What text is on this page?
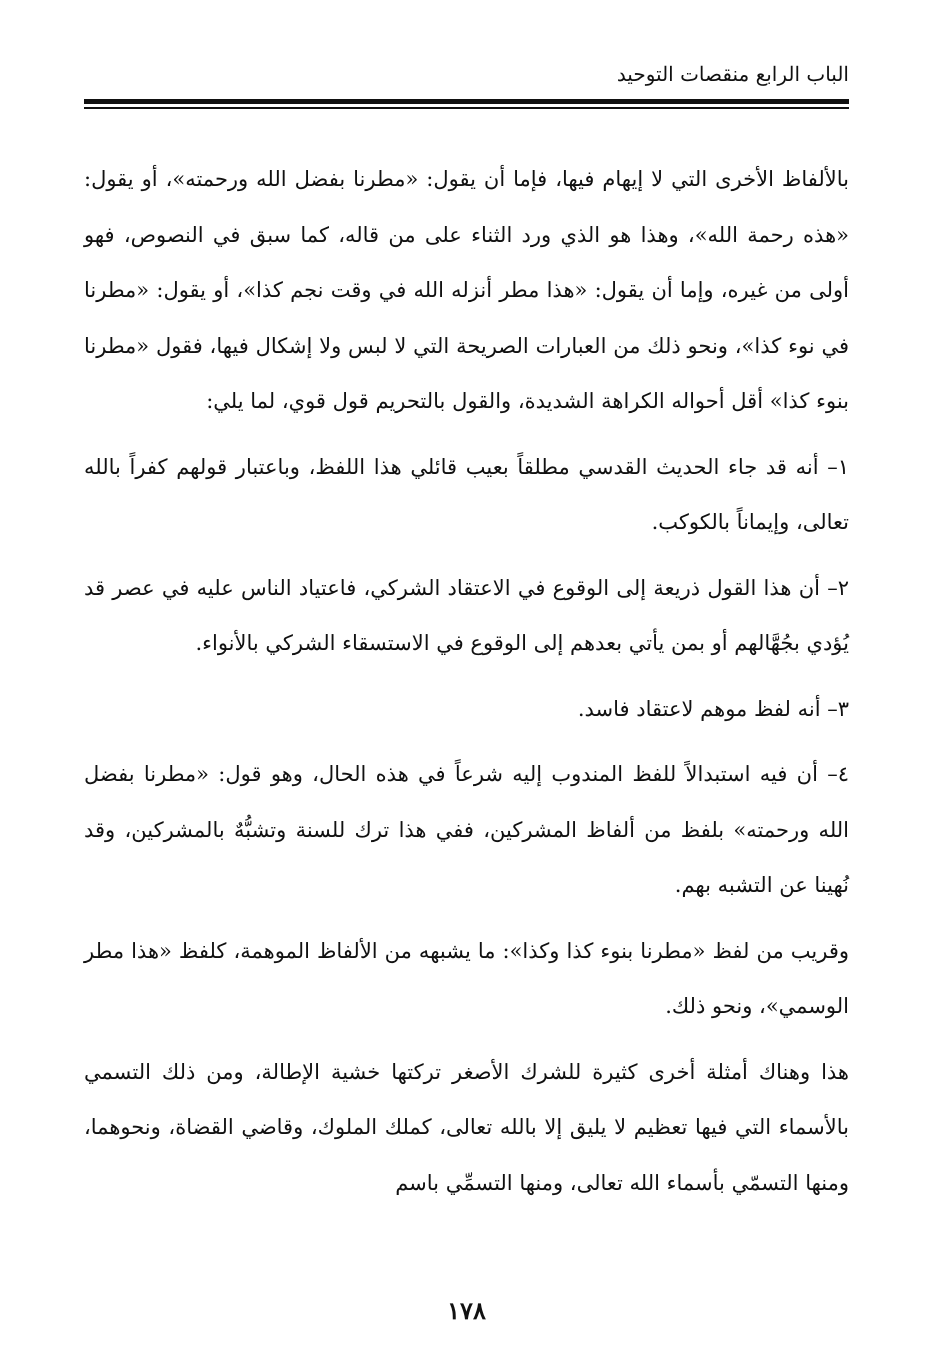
الباب الرابع منقصات التوحيد

بالألفاظ الأخرى التي لا إيهام فيها، فإما أن يقول: «مطرنا بفضل الله ورحمته»، أو يقول: «هذه رحمة الله»، وهذا هو الذي ورد الثناء على من قاله، كما سبق في النصوص، فهو أولى من غيره، وإما أن يقول: «هذا مطر أنزله الله في وقت نجم كذا»، أو يقول: «مطرنا في نوء كذا»، ونحو ذلك من العبارات الصريحة التي لا لبس ولا إشكال فيها، فقول «مطرنا بنوء كذا» أقل أحواله الكراهة الشديدة، والقول بالتحريم قول قوي، لما يلي:

١– أنه قد جاء الحديث القدسي مطلقاً بعيب قائلي هذا اللفظ، وباعتبار قولهم كفراً بالله تعالى، وإيماناً بالكوكب.

٢– أن هذا القول ذريعة إلى الوقوع في الاعتقاد الشركي، فاعتياد الناس عليه في عصر قد يُؤدي بجُهَّالهم أو بمن يأتي بعدهم إلى الوقوع في الاستسقاء الشركي بالأنواء.

٣– أنه لفظ موهم لاعتقاد فاسد.

٤– أن فيه استبدالاً للفظ المندوب إليه شرعاً في هذه الحال، وهو قول: «مطرنا بفضل الله ورحمته» بلفظ من ألفاظ المشركين، ففي هذا ترك للسنة وتشبُّهٌ بالمشركين، وقد نُهينا عن التشبه بهم.

وقريب من لفظ «مطرنا بنوء كذا وكذا»: ما يشبهه من الألفاظ الموهمة، كلفظ «هذا مطر الوسمي»، ونحو ذلك.

هذا وهناك أمثلة أخرى كثيرة للشرك الأصغر تركتها خشية الإطالة، ومن ذلك التسمي بالأسماء التي فيها تعظيم لا يليق إلا بالله تعالى، كملك الملوك، وقاضي القضاة، ونحوهما، ومنها التسمّي بأسماء الله تعالى، ومنها التسمِّي باسم

١٧٨
